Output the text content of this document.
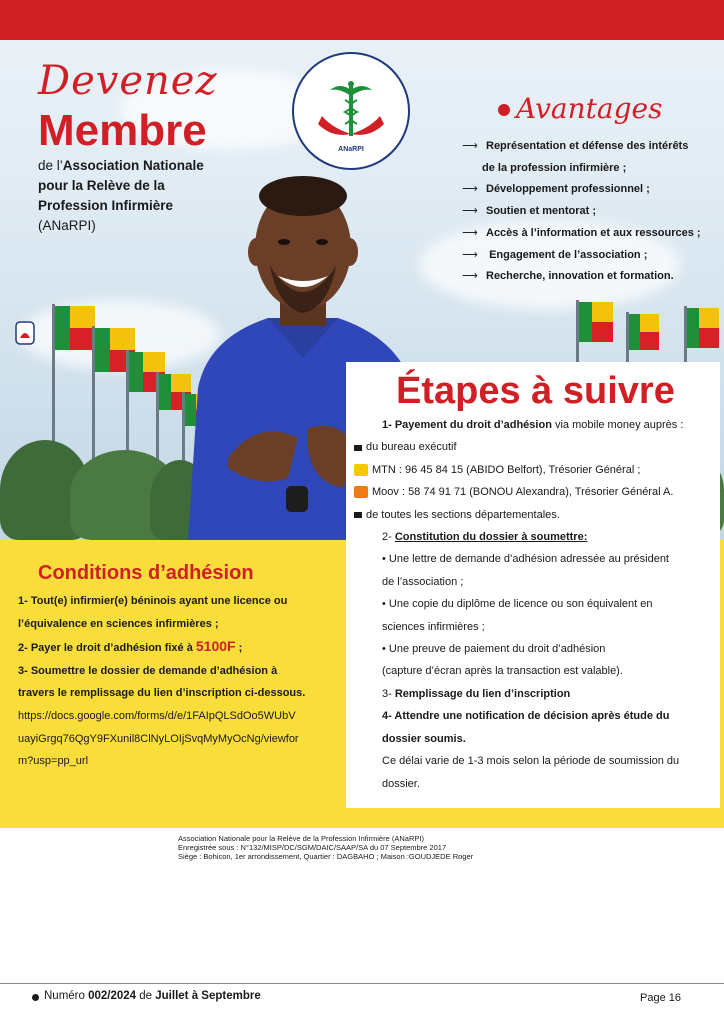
ANaRPI
Devenez
Membre
de l’Association Nationale
pour la Relève de la
Profession Infirmière
(ANaRPI)
Avantages
⟶ Représentation et défense des intérêts
de la profession infirmière ;
⟶ Développement professionnel ;
⟶ Soutien et mentorat ;
⟶ Accès à l’information et aux ressources ;
⟶ Engagement de l’association ;
⟶ Recherche, innovation et formation.
Conditions d’adhésion
1- Tout(e) infirmier(e) béninois ayant une licence ou
l’équivalence en sciences infirmières ;
2- Payer le droit d’adhésion fixé à 5100F ;
3- Soumettre le dossier de demande d’adhésion à
travers le remplissage du lien d’inscription ci-dessous.
https://docs.google.com/forms/d/e/1FAIpQLSdOo5WUbV
uayiGrgq76QgY9FXunil8ClNyLOIjSvqMyMyOcNg/viewfor
m?usp=pp_url
Étapes à suivre
1- Payement du droit d’adhésion via mobile money auprès :
du bureau exécutif
MTN : 96 45 84 15 (ABIDO Belfort), Trésorier Général ;
Moov : 58 74 91 71 (BONOU Alexandra), Trésorier Général A.
de toutes les sections départementales.
2- Constitution du dossier à soumettre:
• Une lettre de demande d’adhésion adressée au président
de l’association ;
• Une copie du diplôme de licence ou son équivalent en
sciences infirmières ;
• Une preuve de paiement du droit d’adhésion
(capture d’écran après la transaction est valable).
3- Remplissage du lien d’inscription
4- Attendre une notification de décision après étude du
dossier soumis.
Ce délai varie de 1-3 mois selon la période de soumission du
dossier.
Association Nationale pour la Relève de la Profession Infirmière (ANaRPI)
Enregistrée sous : N°132/MISP/DC/SGM/DAIC/SAAP/SA du 07 Septembre 2017
Siège : Bohicon, 1er arrondissement, Quartier : DAGBAHO ; Maison :GOUDJEDE Roger
Numéro 002/2024 de Juillet à Septembre	Page 16
